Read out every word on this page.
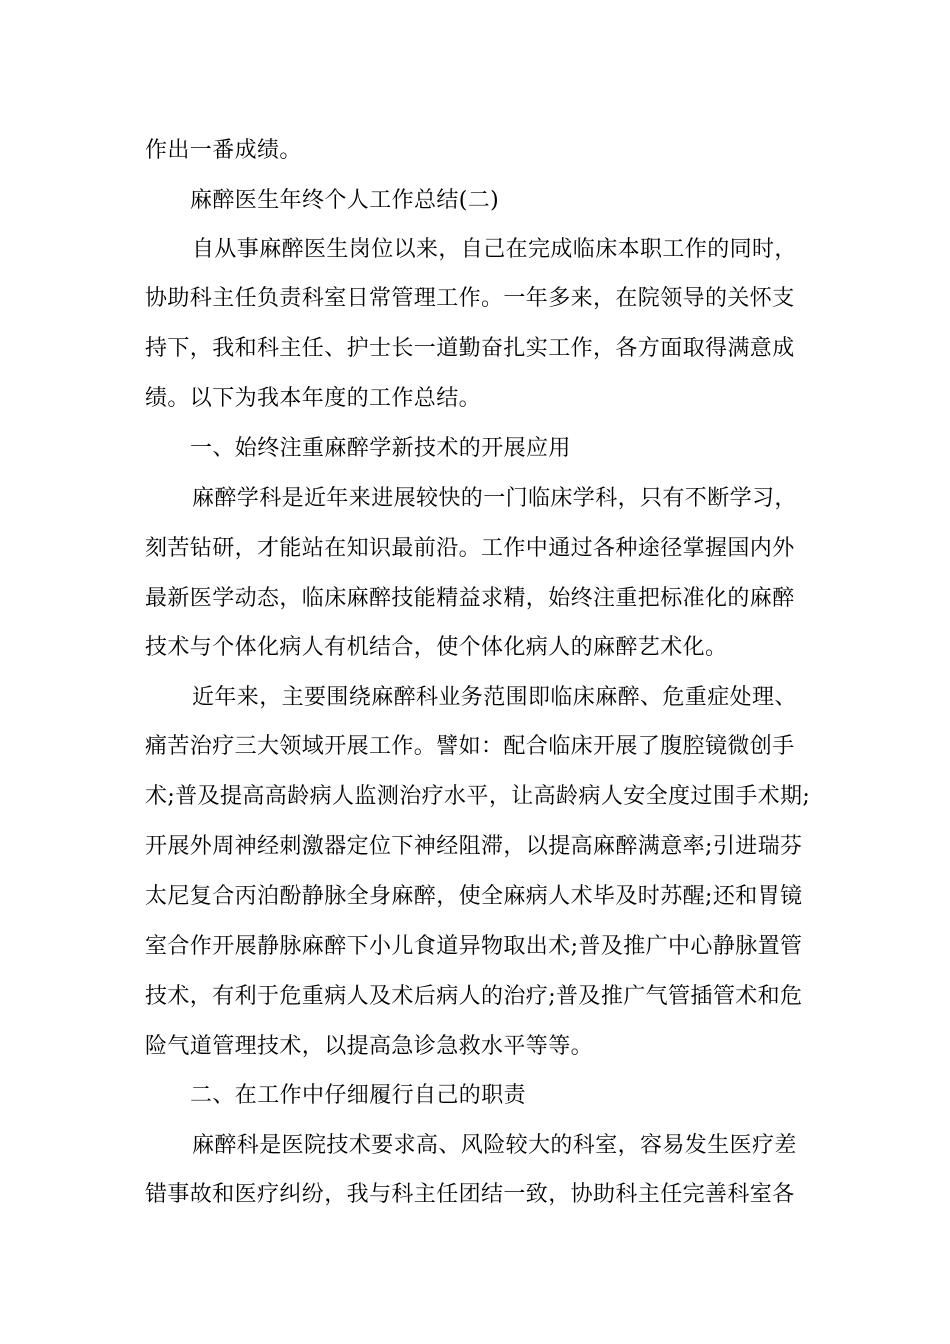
作出一番成绩。
麻醉医生年终个人工作总结(二)
自从事麻醉医生岗位以来，自己在完成临床本职工作的同时，
协助科主任负责科室日常管理工作。一年多来，在院领导的关怀支
持下，我和科主任、护士长一道勤奋扎实工作，各方面取得满意成
绩。以下为我本年度的工作总结。
一、始终注重麻醉学新技术的开展应用
麻醉学科是近年来进展较快的一门临床学科，只有不断学习，
刻苦钻研，才能站在知识最前沿。工作中通过各种途径掌握国内外
最新医学动态，临床麻醉技能精益求精，始终注重把标准化的麻醉
技术与个体化病人有机结合，使个体化病人的麻醉艺术化。
近年来，主要围绕麻醉科业务范围即临床麻醉、危重症处理、
痛苦治疗三大领域开展工作。譬如：配合临床开展了腹腔镜微创手
术;普及提高高龄病人监测治疗水平，让高龄病人安全度过围手术期;
开展外周神经刺激器定位下神经阻滞，以提高麻醉满意率;引进瑞芬
太尼复合丙泊酚静脉全身麻醉，使全麻病人术毕及时苏醒;还和胃镜
室合作开展静脉麻醉下小儿食道异物取出术;普及推广中心静脉置管
技术，有利于危重病人及术后病人的治疗;普及推广气管插管术和危
险气道管理技术，以提高急诊急救水平等等。
二、在工作中仔细履行自己的职责
麻醉科是医院技术要求高、风险较大的科室，容易发生医疗差
错事故和医疗纠纷，我与科主任团结一致，协助科主任完善科室各
